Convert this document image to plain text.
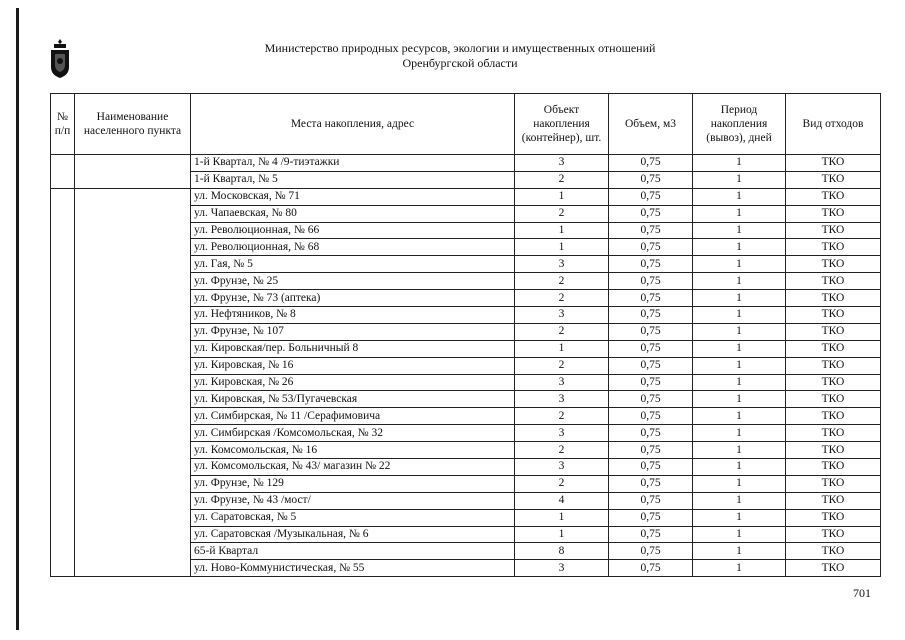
Министерство природных ресурсов, экологии и имущественных отношений
Оренбургской области
№ п/п	Наименование населенного пункта	Места накопления, адрес	Объект накопления (контейнер), шт.	Объем, м3	Период накопления (вывоз), дней	Вид отходов
		1-й Квартал, № 4 /9-тиэтажки	3	0,75	1	ТКО
		1-й Квартал, № 5	2	0,75	1	ТКО
		ул. Московская, № 71	1	0,75	1	ТКО
		ул. Чапаевская, № 80	2	0,75	1	ТКО
		ул. Революционная, № 66	1	0,75	1	ТКО
		ул. Революционная, № 68	1	0,75	1	ТКО
		ул. Гая, № 5	3	0,75	1	ТКО
		ул. Фрунзе, № 25	2	0,75	1	ТКО
		ул. Фрунзе, № 73 (аптека)	2	0,75	1	ТКО
		ул. Нефтяников, № 8	3	0,75	1	ТКО
		ул. Фрунзе, № 107	2	0,75	1	ТКО
		ул. Кировская/пер. Больничный 8	1	0,75	1	ТКО
		ул. Кировская, № 16	2	0,75	1	ТКО
		ул. Кировская, № 26	3	0,75	1	ТКО
		ул. Кировская, № 53/Пугачевская	3	0,75	1	ТКО
		ул. Симбирская, № 11 /Серафимовича	2	0,75	1	ТКО
		ул. Симбирская /Комсомольская, № 32	3	0,75	1	ТКО
		ул. Комсомольская, № 16	2	0,75	1	ТКО
		ул. Комсомольская, № 43/ магазин № 22	3	0,75	1	ТКО
		ул. Фрунзе, № 129	2	0,75	1	ТКО
		ул. Фрунзе, № 43 /мост/	4	0,75	1	ТКО
		ул. Саратовская, № 5	1	0,75	1	ТКО
		ул. Саратовская /Музыкальная, № 6	1	0,75	1	ТКО
		65-й Квартал	8	0,75	1	ТКО
		ул. Ново-Коммунистическая, № 55	3	0,75	1	ТКО
701
